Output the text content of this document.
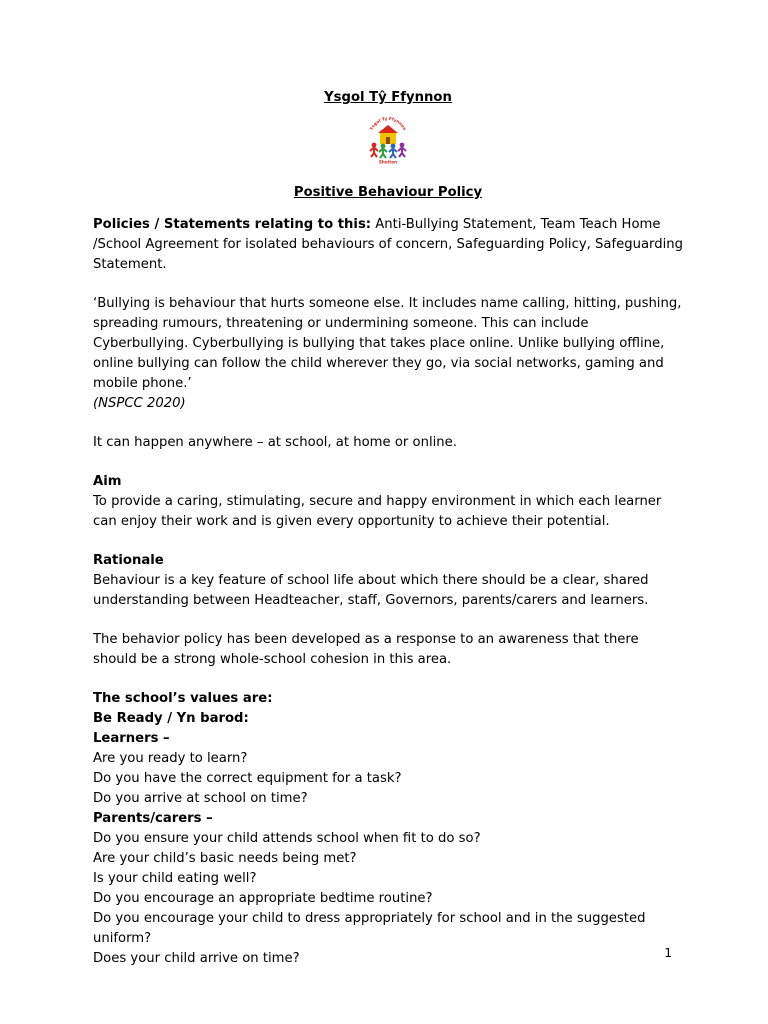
Ysgol Tŷ Ffynnon

Ysgol Ty Ffynnon
Shotton

Positive Behaviour Policy

Policies / Statements relating to this: Anti-Bullying Statement, Team Teach Home /School Agreement for isolated behaviours of concern, Safeguarding Policy, Safeguarding Statement.

‘Bullying is behaviour that hurts someone else. It includes name calling, hitting, pushing, spreading rumours, threatening or undermining someone. This can include Cyberbullying. Cyberbullying is bullying that takes place online. Unlike bullying offline, online bullying can follow the child wherever they go, via social networks, gaming and mobile phone.’

(NSPCC 2020)

It can happen anywhere – at school, at home or online.

Aim

To provide a caring, stimulating, secure and happy environment in which each learner can enjoy their work and is given every opportunity to achieve their potential.

Rationale

Behaviour is a key feature of school life about which there should be a clear, shared understanding between Headteacher, staff, Governors, parents/carers and learners.

The behavior policy has been developed as a response to an awareness that there should be a strong whole-school cohesion in this area.

The school’s values are:

Be Ready / Yn barod:

Learners –

Are you ready to learn?

Do you have the correct equipment for a task?

Do you arrive at school on time?

Parents/carers –

Do you ensure your child attends school when fit to do so?

Are your child’s basic needs being met?

Is your child eating well?

Do you encourage an appropriate bedtime routine?

Do you encourage your child to dress appropriately for school and in the suggested uniform?

Does your child arrive on time?	1
